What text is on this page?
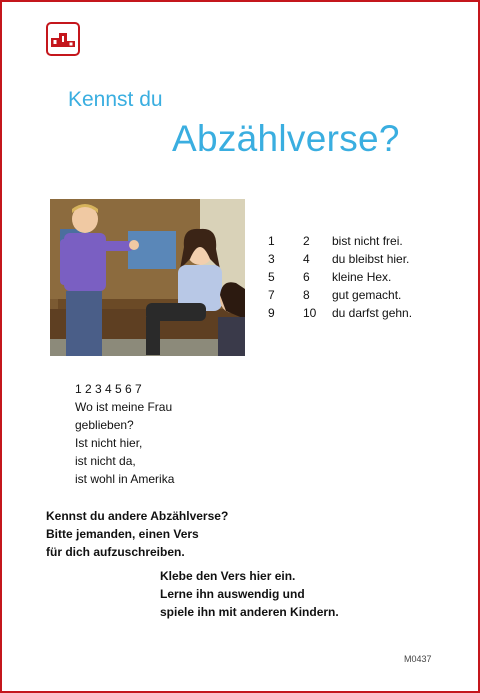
Kennst du
Abzählverse?
1	2	bist nicht frei.
3	4	du bleibst hier.
5	6	kleine Hex.
7	8	gut gemacht.
9	10	du darfst gehn.
1 2 3 4 5 6 7
Wo ist meine Frau
geblieben?
Ist nicht hier,
ist nicht da,
ist wohl in Amerika
Kennst du andere Abzählverse?
Bitte jemanden, einen Vers
für dich aufzuschreiben.
Klebe den Vers hier ein.
Lerne ihn auswendig und
spiele ihn mit anderen Kindern.
M0437
